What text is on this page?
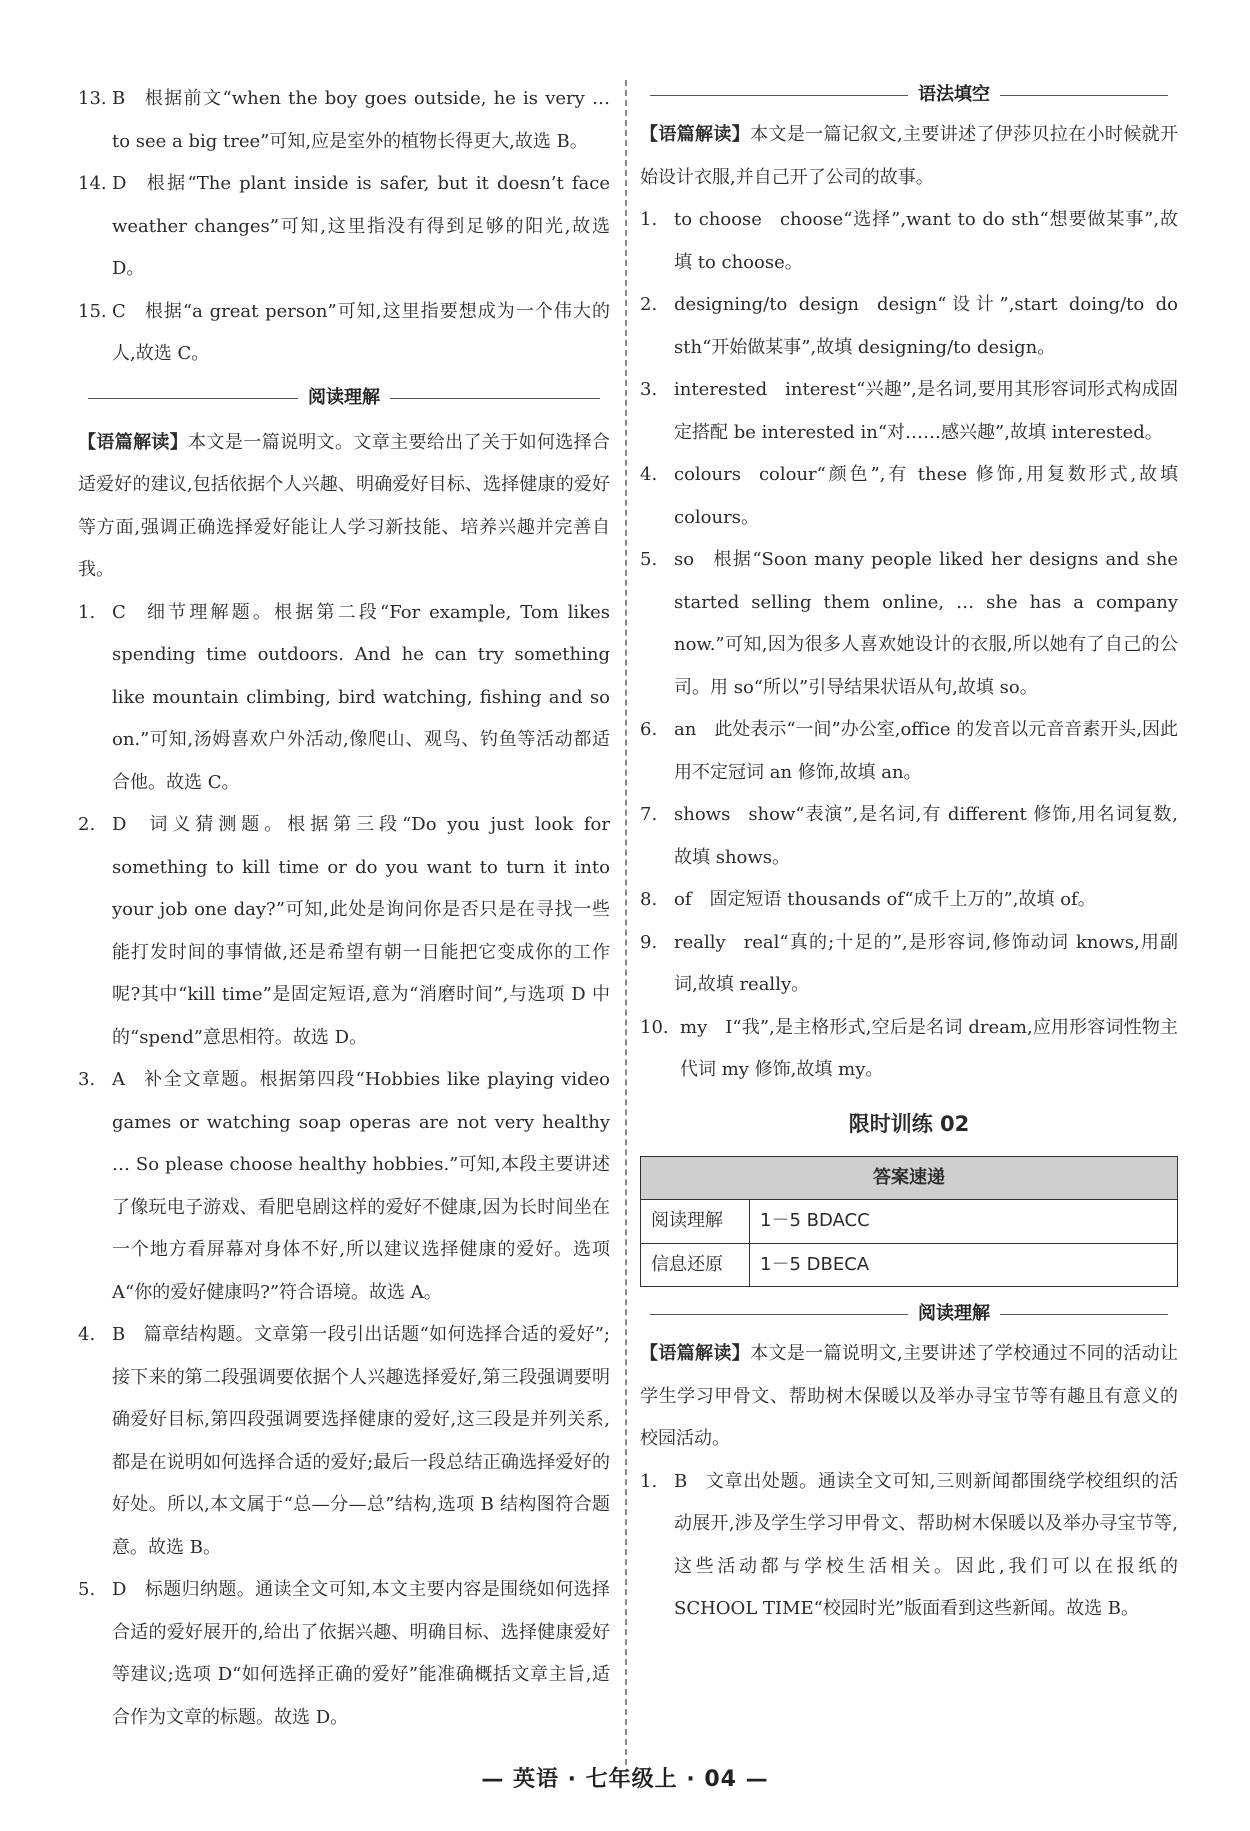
13. B 根据前文“when the boy goes outside, he is very … to see a big tree”可知,应是室外的植物长得更大,故选 B。
14. D 根据“The plant inside is safer, but it doesn’t face weather changes”可知,这里指没有得到足够的阳光,故选 D。
15. C 根据“a great person”可知,这里指要想成为一个伟大的人,故选 C。
阅读理解
【语篇解读】本文是一篇说明文。文章主要给出了关于如何选择合适爱好的建议,包括依据个人兴趣、明确爱好目标、选择健康的爱好等方面,强调正确选择爱好能让人学习新技能、培养兴趣并完善自我。
1. C 细节理解题。根据第二段“For example, Tom likes spending time outdoors. And he can try something like mountain climbing, bird watching, fishing and so on.”可知,汤姆喜欢户外活动,像爬山、观鸟、钓鱼等活动都适合他。故选 C。
2. D 词义猜测题。根据第三段“Do you just look for something to kill time or do you want to turn it into your job one day?”可知,此处是询问你是否只是在寻找一些能打发时间的事情做,还是希望有朝一日能把它变成你的工作呢?其中“kill time”是固定短语,意为“消磨时间”,与选项 D 中的“spend”意思相符。故选 D。
3. A 补全文章题。根据第四段“Hobbies like playing video games or watching soap operas are not very healthy … So please choose healthy hobbies.”可知,本段主要讲述了像玩电子游戏、看肥皂剧这样的爱好不健康,因为长时间坐在一个地方看屏幕对身体不好,所以建议选择健康的爱好。选项 A“你的爱好健康吗?”符合语境。故选 A。
4. B 篇章结构题。文章第一段引出话题“如何选择合适的爱好”;接下来的第二段强调要依据个人兴趣选择爱好,第三段强调要明确爱好目标,第四段强调要选择健康的爱好,这三段是并列关系,都是在说明如何选择合适的爱好;最后一段总结正确选择爱好的好处。所以,本文属于“总—分—总”结构,选项 B 结构图符合题意。故选 B。
5. D 标题归纳题。通读全文可知,本文主要内容是围绕如何选择合适的爱好展开的,给出了依据兴趣、明确目标、选择健康爱好等建议;选项 D“如何选择正确的爱好”能准确概括文章主旨,适合作为文章的标题。故选 D。
语法填空
【语篇解读】本文是一篇记叙文,主要讲述了伊莎贝拉在小时候就开始设计衣服,并自己开了公司的故事。
1. to choose choose“选择”,want to do sth“想要做某事”,故填 to choose。
2. designing/to design design“设计”,start doing/to do sth“开始做某事”,故填 designing/to design。
3. interested interest“兴趣”,是名词,要用其形容词形式构成固定搭配 be interested in“对……感兴趣”,故填 interested。
4. colours colour“颜色”,有 these 修饰,用复数形式,故填 colours。
5. so 根据“Soon many people liked her designs and she started selling them online, … she has a company now.”可知,因为很多人喜欢她设计的衣服,所以她有了自己的公司。用 so“所以”引导结果状语从句,故填 so。
6. an 此处表示“一间”办公室,office 的发音以元音音素开头,因此用不定冠词 an 修饰,故填 an。
7. shows show“表演”,是名词,有 different 修饰,用名词复数,故填 shows。
8. of 固定短语 thousands of“成千上万的”,故填 of。
9. really real“真的;十足的”,是形容词,修饰动词 knows,用副词,故填 really。
10. my I“我”,是主格形式,空后是名词 dream,应用形容词性物主代词 my 修饰,故填 my。
限时训练 02
答案速递	
阅读理解	1－5 BDACC
信息还原	1－5 DBECA
阅读理解
【语篇解读】本文是一篇说明文,主要讲述了学校通过不同的活动让学生学习甲骨文、帮助树木保暖以及举办寻宝节等有趣且有意义的校园活动。
1. B 文章出处题。通读全文可知,三则新闻都围绕学校组织的活动展开,涉及学生学习甲骨文、帮助树木保暖以及举办寻宝节等,这些活动都与学校生活相关。因此,我们可以在报纸的 SCHOOL TIME“校园时光”版面看到这些新闻。故选 B。
— 英语 · 七年级上 · 04 —
